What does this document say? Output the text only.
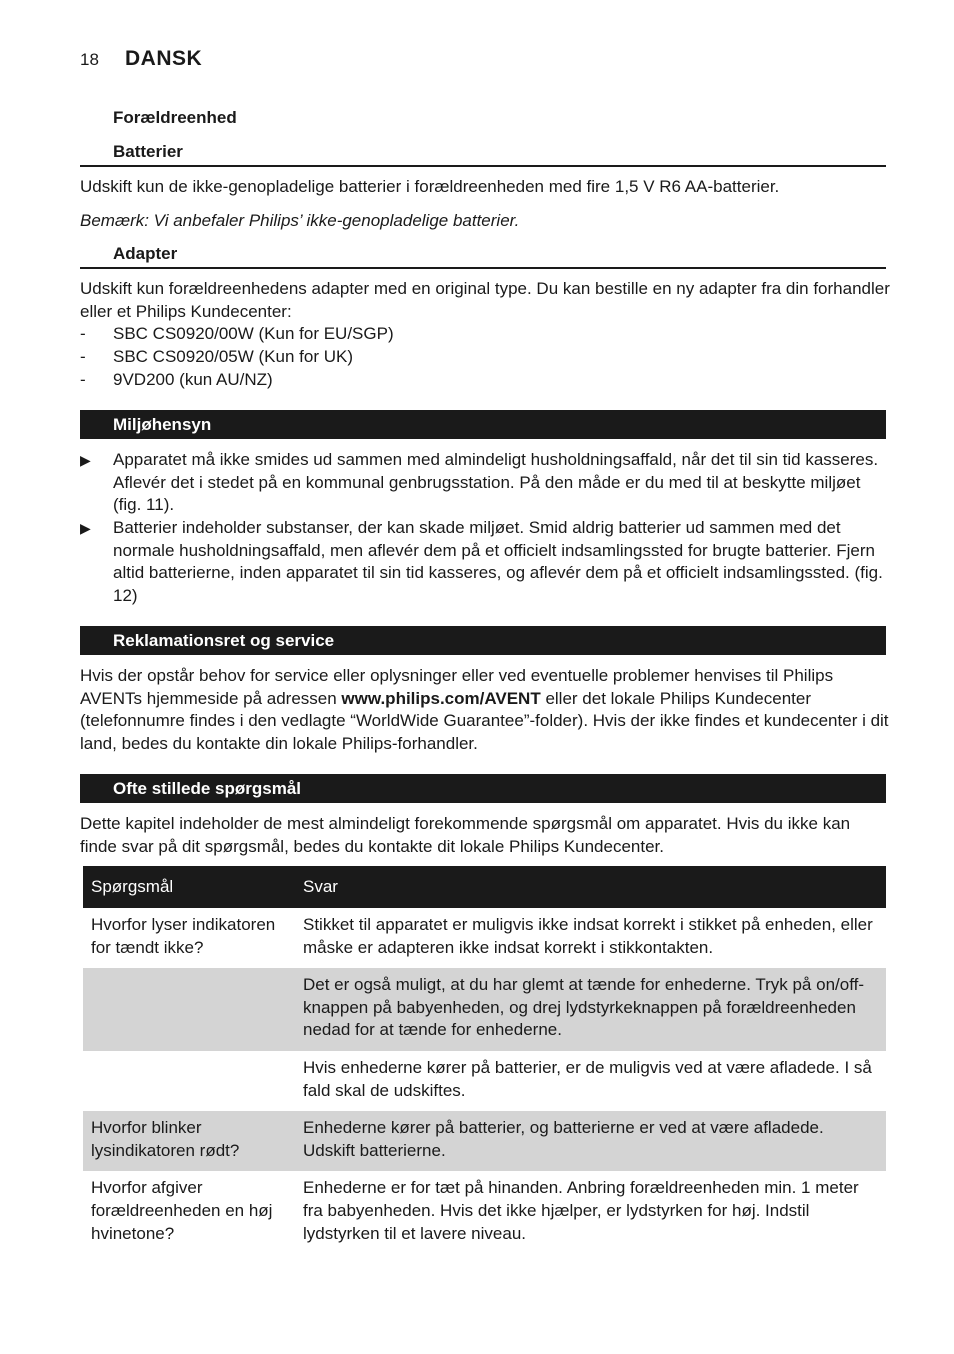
18 DANSK
Forældreenhed
Batterier
Udskift kun de ikke-genopladelige batterier i forældreenheden med fire 1,5 V R6 AA-batterier.
Bemærk: Vi anbefaler Philips’ ikke-genopladelige batterier.
Adapter
Udskift kun forældreenhedens adapter med en original type. Du kan bestille en ny adapter fra din forhandler eller et Philips Kundecenter:
- SBC CS0920/00W (Kun for EU/SGP)
- SBC CS0920/05W (Kun for UK)
- 9VD200 (kun AU/NZ)
Miljøhensyn
▶ Apparatet må ikke smides ud sammen med almindeligt husholdningsaffald, når det til sin tid kasseres. Aflevér det i stedet på en kommunal genbrugsstation. På den måde er du med til at beskytte miljøet (fig. 11).
▶ Batterier indeholder substanser, der kan skade miljøet. Smid aldrig batterier ud sammen med det normale husholdningsaffald, men aflevér dem på et officielt indsamlingssted for brugte batterier. Fjern altid batterierne, inden apparatet til sin tid kasseres, og aflevér dem på et officielt indsamlingssted. (fig. 12)
Reklamationsret og service
Hvis der opstår behov for service eller oplysninger eller ved eventuelle problemer henvises til Philips AVENTs hjemmeside på adressen www.philips.com/AVENT eller det lokale Philips Kundecenter (telefonnumre findes i den vedlagte “WorldWide Guarantee”-folder). Hvis der ikke findes et kundecenter i dit land, bedes du kontakte din lokale Philips-forhandler.
Ofte stillede spørgsmål
Dette kapitel indeholder de mest almindeligt forekommende spørgsmål om apparatet. Hvis du ikke kan finde svar på dit spørgsmål, bedes du kontakte dit lokale Philips Kundecenter.
Spørgsmål	Svar
Hvorfor lyser indikatoren for tændt ikke?	Stikket til apparatet er muligvis ikke indsat korrekt i stikket på enheden, eller måske er adapteren ikke indsat korrekt i stikkontakten.
	Det er også muligt, at du har glemt at tænde for enhederne. Tryk på on/off-knappen på babyenheden, og drej lydstyrkeknappen på forældreenheden nedad for at tænde for enhederne.
	Hvis enhederne kører på batterier, er de muligvis ved at være afladede. I så fald skal de udskiftes.
Hvorfor blinker lysindikatoren rødt?	Enhederne kører på batterier, og batterierne er ved at være afladede. Udskift batterierne.
Hvorfor afgiver forældreenheden en høj hvinetone?	Enhederne er for tæt på hinanden. Anbring forældreenheden min. 1 meter fra babyenheden. Hvis det ikke hjælper, er lydstyrken for høj. Indstil lydstyrken til et lavere niveau.
